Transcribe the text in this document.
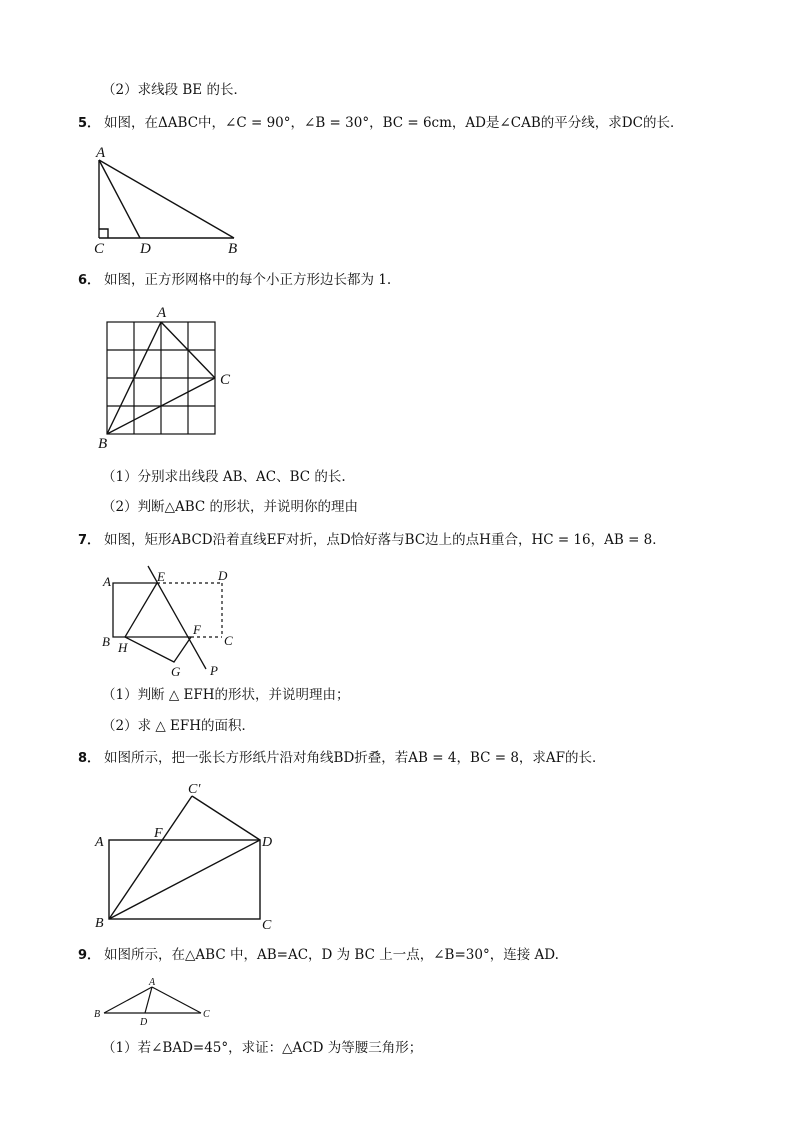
（2）求线段 BE 的长．
5． 如图，在ΔABC中，∠C = 90°，∠B = 30°，BC = 6cm，AD是∠CAB的平分线，求DC的长．
A
C D	B
6． 如图，正方形网格中的每个小正方形边长都为 1.
A
B
C
（1）分别求出线段 AB、AC、BC 的长.
（2）判断△ABC 的形状，并说明你的理由
7． 如图，矩形ABCD沿着直线EF对折，点D恰好落与BC边上的点H重合，HC = 16，AB = 8．
A	E	D
B H
F
C
G P
（1）判断 △ EFH的形状，并说明理由；
（2）求 △ EFH的面积．
8． 如图所示，把一张长方形纸片沿对角线BD折叠，若AB = 4，BC = 8，求AF的长．
C′
F
A	D
B	C
9． 如图所示，在△ABC 中，AB=AC，D 为 BC 上一点，∠B=30°，连接 AD.
A
B
D
C
（1）若∠BAD=45°，求证：△ACD 为等腰三角形；
